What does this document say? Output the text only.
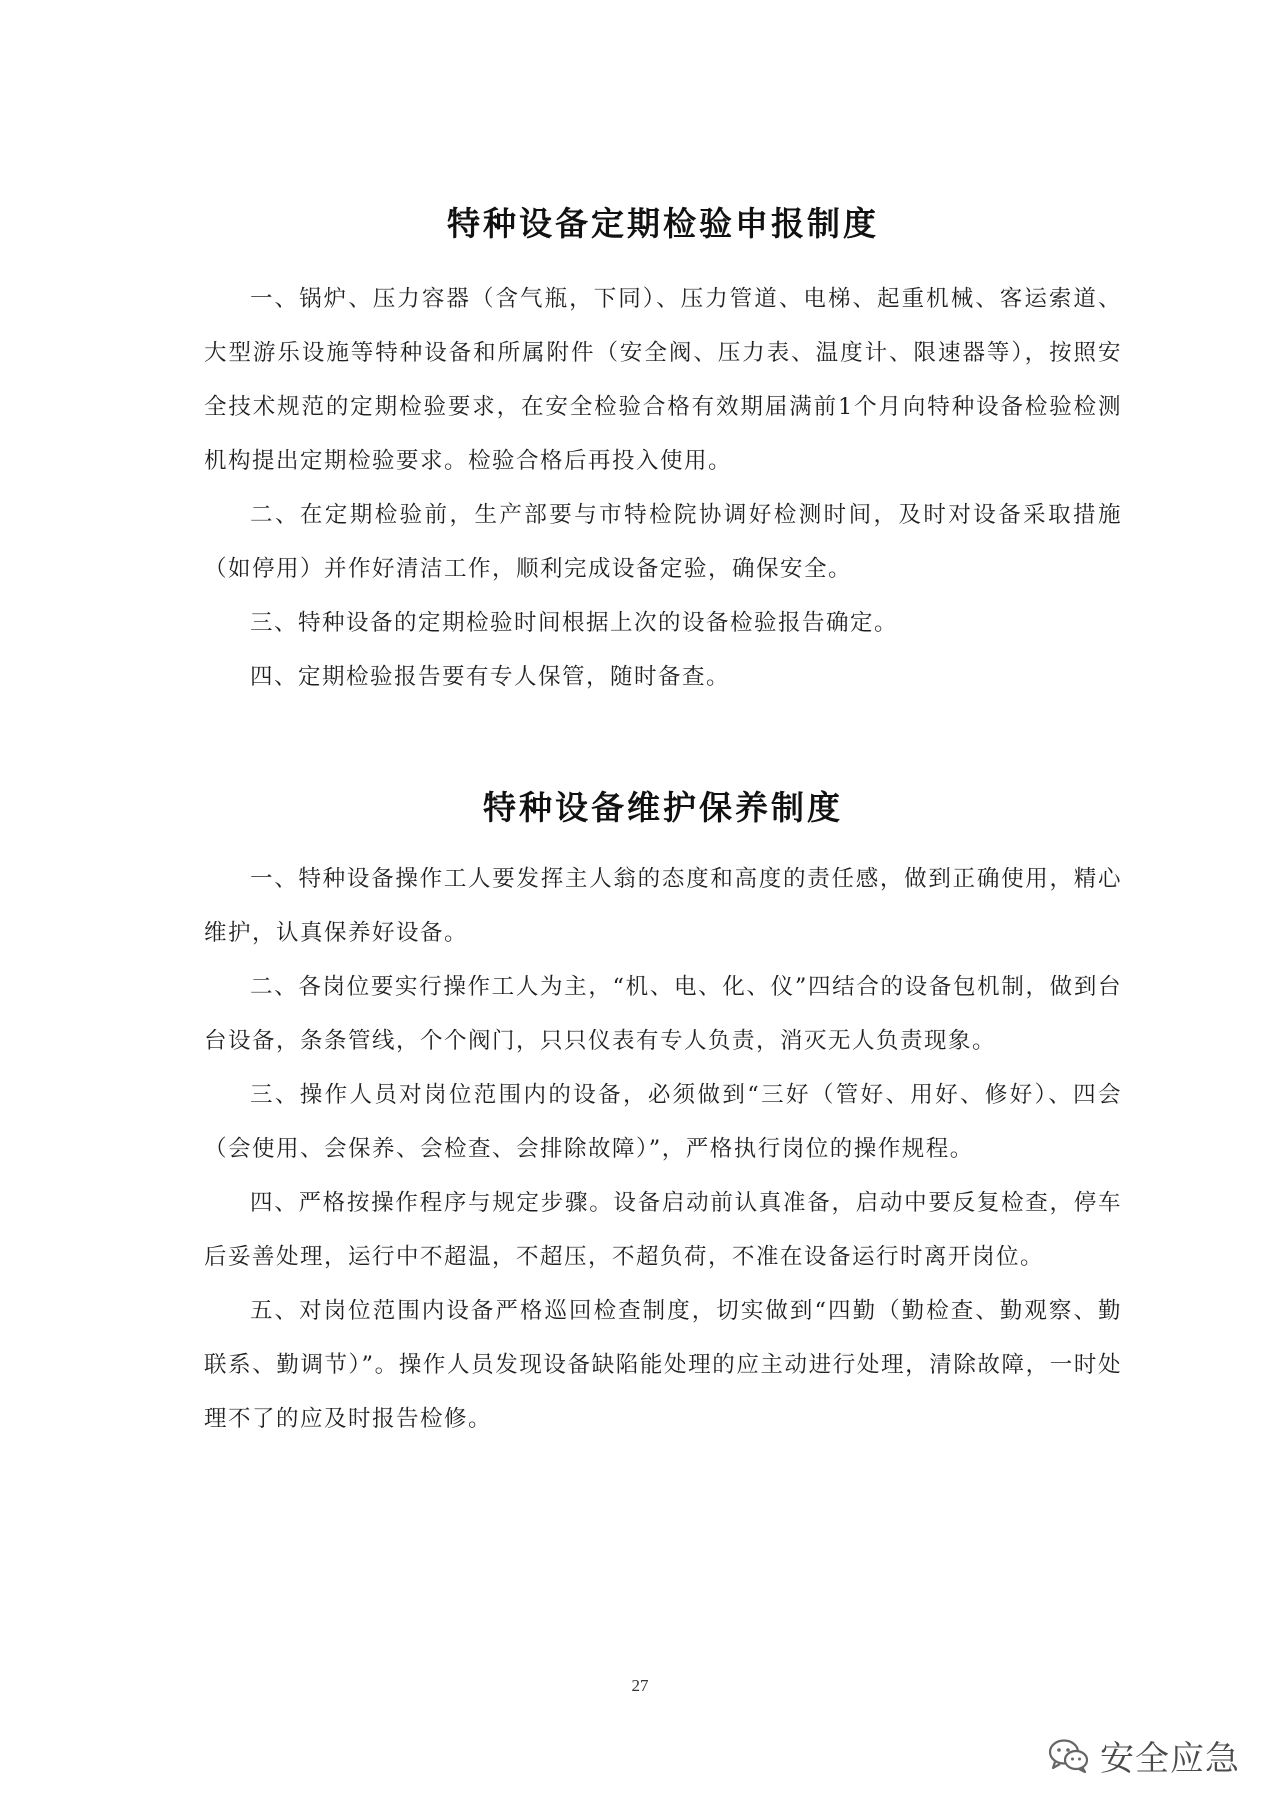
特种设备定期检验申报制度

一、锅炉、压力容器（含气瓶，下同）、压力管道、电梯、起重机械、客运索道、大型游乐设施等特种设备和所属附件（安全阀、压力表、温度计、限速器等），按照安全技术规范的定期检验要求，在安全检验合格有效期届满前1个月向特种设备检验检测机构提出定期检验要求。检验合格后再投入使用。

二、在定期检验前，生产部要与市特检院协调好检测时间，及时对设备采取措施（如停用）并作好清洁工作，顺利完成设备定验，确保安全。

三、特种设备的定期检验时间根据上次的设备检验报告确定。

四、定期检验报告要有专人保管，随时备查。

特种设备维护保养制度

一、特种设备操作工人要发挥主人翁的态度和高度的责任感，做到正确使用，精心维护，认真保养好设备。

二、各岗位要实行操作工人为主，“机、电、化、仪”四结合的设备包机制，做到台台设备，条条管线，个个阀门，只只仪表有专人负责，消灭无人负责现象。

三、操作人员对岗位范围内的设备，必须做到“三好（管好、用好、修好）、四会（会使用、会保养、会检查、会排除故障）”，严格执行岗位的操作规程。

四、严格按操作程序与规定步骤。设备启动前认真准备，启动中要反复检查，停车后妥善处理，运行中不超温，不超压，不超负荷，不准在设备运行时离开岗位。

五、对岗位范围内设备严格巡回检查制度，切实做到“四勤（勤检查、勤观察、勤联系、勤调节）”。操作人员发现设备缺陷能处理的应主动进行处理，清除故障，一时处理不了的应及时报告检修。

27
安全应急
